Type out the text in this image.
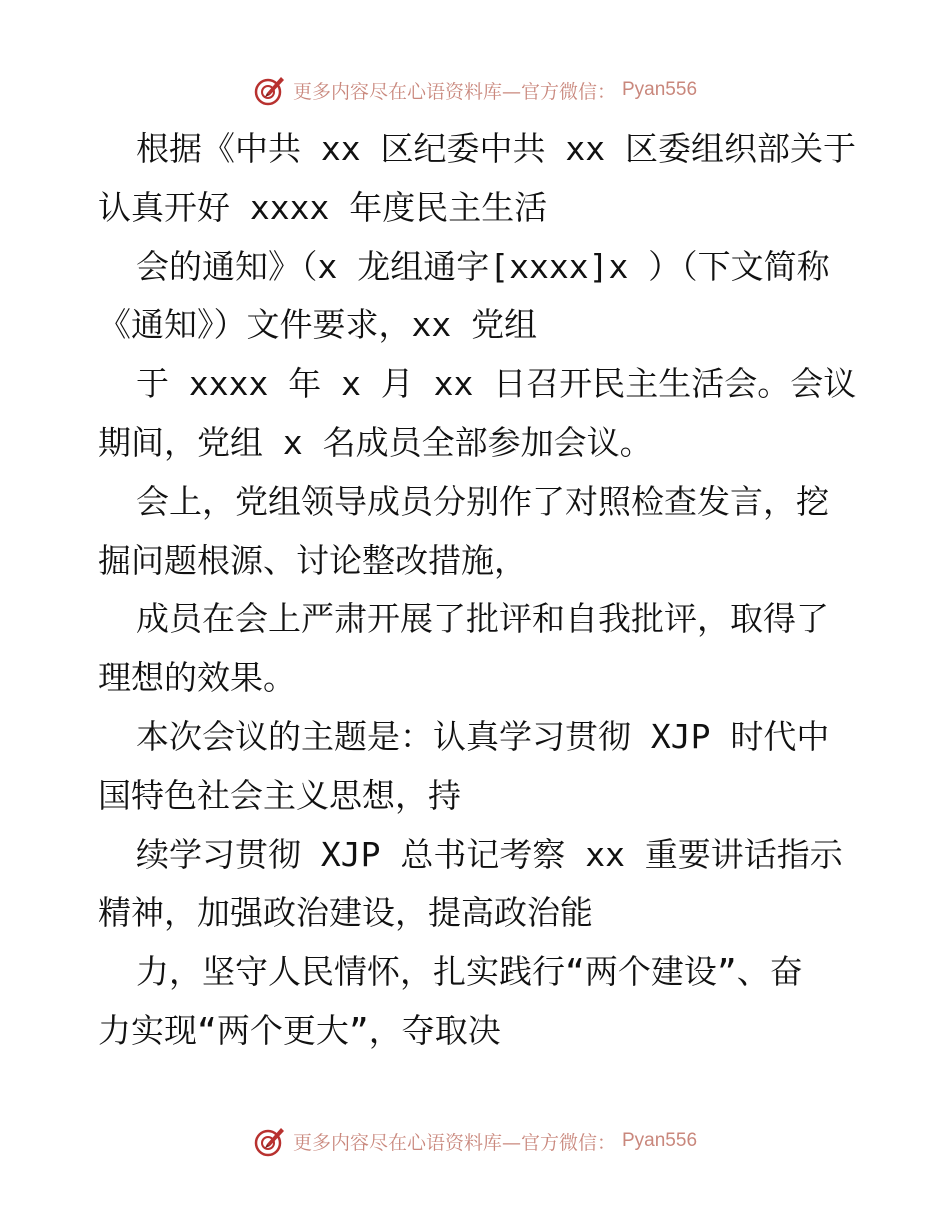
更多内容尽在心语资料库—官方微信： Pyan556
根据《中共 xx 区纪委中共 xx 区委组织部关于
认真开好 xxxx 年度民主生活
会的通知》（x 龙组通字[xxxx]x ）（下文简称
《通知》）文件要求，xx 党组
于 xxxx 年 x 月 xx 日召开民主生活会。会议
期间，党组 x 名成员全部参加会议。
会上，党组领导成员分别作了对照检查发言，挖
掘问题根源、讨论整改措施，
成员在会上严肃开展了批评和自我批评，取得了
理想的效果。
本次会议的主题是：认真学习贯彻 XJP 时代中
国特色社会主义思想，持
续学习贯彻 XJP 总书记考察 xx 重要讲话指示
精神，加强政治建设，提高政治能
力，坚守人民情怀，扎实践行“两个建设”、奋
力实现“两个更大”，夺取决
更多内容尽在心语资料库—官方微信： Pyan556
